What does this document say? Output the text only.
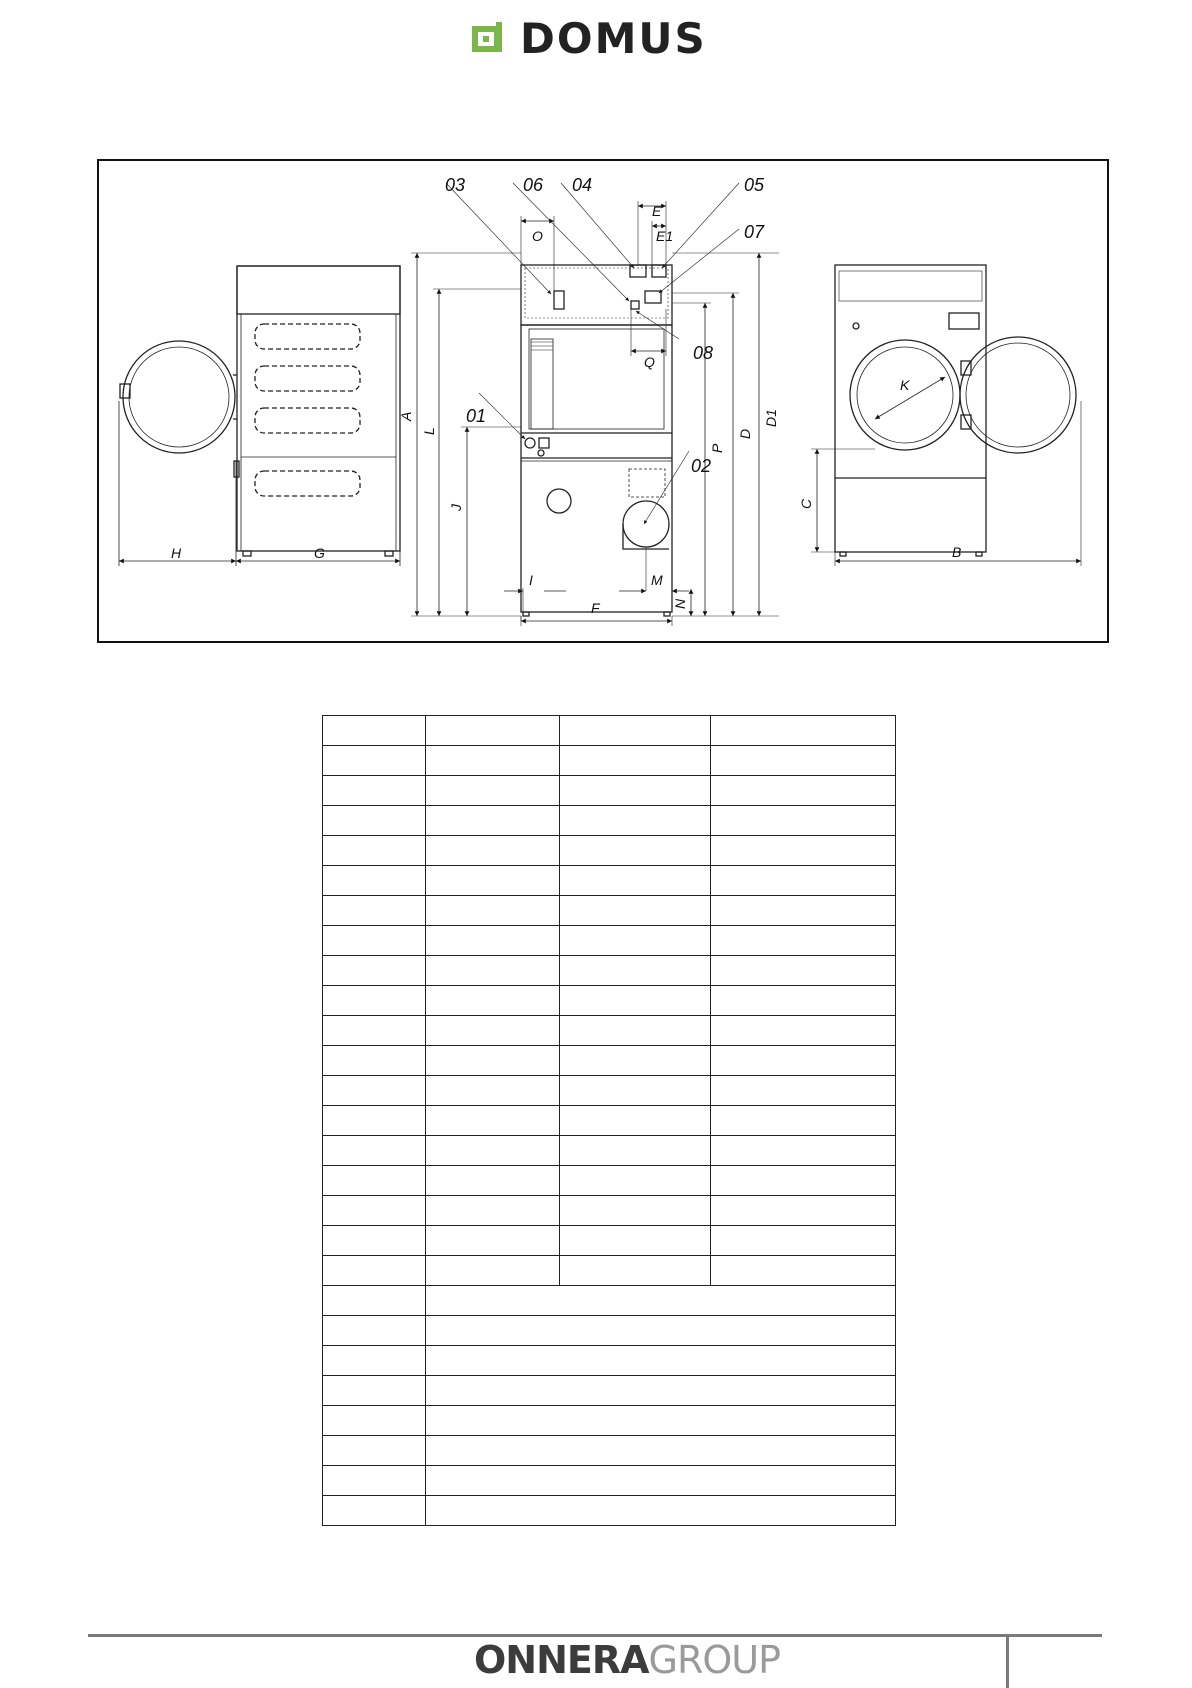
DOMUS
H	G
03	06 04	05
07
08
01
02
O
E
E1
Q
A
L
J
P
D
D1
N
I	M
F
K
C
B

ONNERAGROUP
